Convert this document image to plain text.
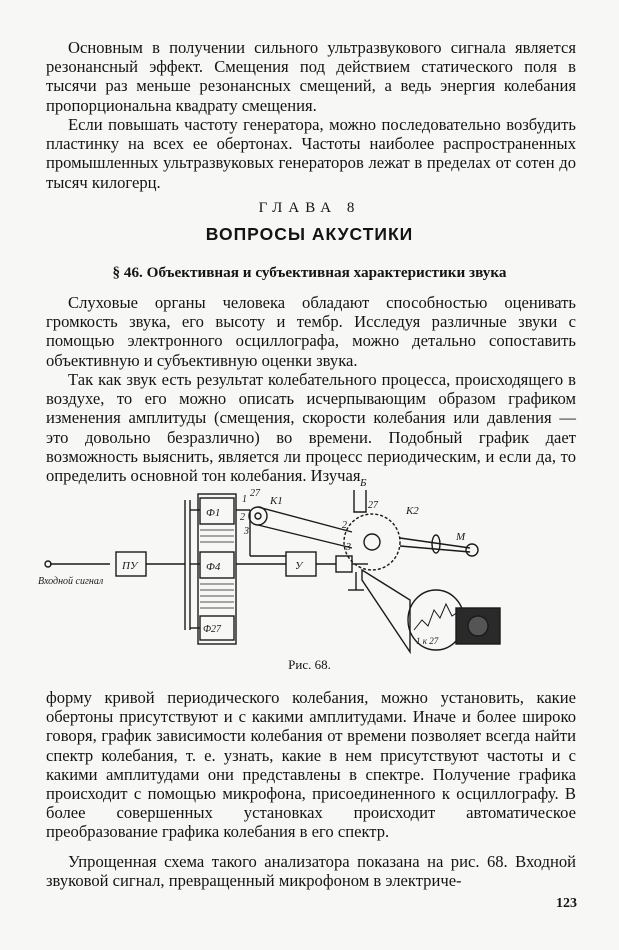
Основным в получении сильного ультразвукового сигнала является резонансный эффект. Смещения под действием статического поля в тысячи раз меньше резонансных смещений, а ведь энергия колебания пропорциональна квадрату смещения.

Если повышать частоту генератора, можно последовательно возбудить пластинку на всех ее обертонах. Частоты наиболее распространенных промышленных ультразвуковых генераторов лежат в пределах от сотен до тысяч килогерц.

ГЛАВА 8
ВОПРОСЫ АКУСТИКИ
§ 46. Объективная и субъективная характеристики звука

Слуховые органы человека обладают способностью оценивать громкость звука, его высоту и тембр. Исследуя различные звуки с помощью электронного осциллографа, можно детально сопоставить объективную и субъективную оценки звука.

Так как звук есть результат колебательного процесса, происходящего в воздухе, то его можно описать исчерпывающим образом графиком изменения амплитуды (смещения, скорости колебания или давления — это довольно безразлично) во времени. Подобный график дает возможность выяснить, является ли процесс периодическим, и если да, то определить основной тон колебания. Изучая

Ф1
Ф4
Ф27
ПУ	У
К1
К2
Б
М
1
27
2
3
27
2
3
1 к 27
Входной сигнал
Рис. 68.

форму кривой периодического колебания, можно установить, какие обертоны присутствуют и с какими амплитудами. Иначе и более широко говоря, график зависимости колебания от времени позволяет всегда найти спектр колебания, т. е. узнать, какие в нем присутствуют частоты и с какими амплитудами они представлены в спектре. Получение графика происходит с помощью микрофона, присоединенного к осциллографу. В более совершенных установках происходит автоматическое преобразование графика колебания в его спектр.

Упрощенная схема такого анализатора показана на рис. 68. Входной звуковой сигнал, превращенный микрофоном в электриче-

123
